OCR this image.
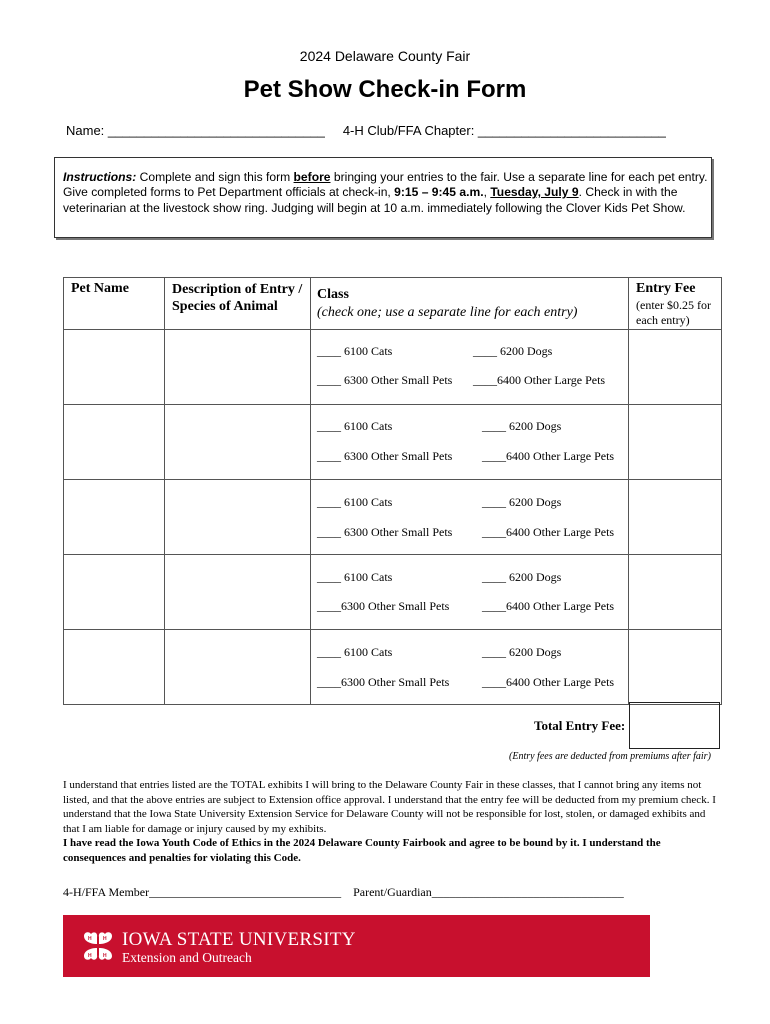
2024 Delaware County Fair
Pet Show Check-in Form
Name: ______________________________ 4-H Club/FFA Chapter: __________________________
Instructions: Complete and sign this form before bringing your entries to the fair. Use a separate line for each pet entry. Give completed forms to Pet Department officials at check-in, 9:15 – 9:45 a.m., Tuesday, July 9. Check in with the veterinarian at the livestock show ring. Judging will begin at 10 a.m. immediately following the Clover Kids Pet Show.
Pet Name	Description of Entry / Species of Animal	Class
(check one; use a separate line for each entry)	Entry Fee
(enter $0.25 for each entry)

		____ 6100 Cats ____ 6200 Dogs
____ 6300 Other Small Pets ____6400 Other Large Pets	

		____ 6100 Cats ____ 6200 Dogs
____ 6300 Other Small Pets ____6400 Other Large Pets	

		____ 6100 Cats ____ 6200 Dogs
____ 6300 Other Small Pets ____6400 Other Large Pets	

		____ 6100 Cats ____ 6200 Dogs
____6300 Other Small Pets ____6400 Other Large Pets	

		____ 6100 Cats ____ 6200 Dogs
____6300 Other Small Pets ____6400 Other Large Pets	

Total Entry Fee:
(Entry fees are deducted from premiums after fair)
I understand that entries listed are the TOTAL exhibits I will bring to the Delaware County Fair in these classes, that I cannot bring any items not listed, and that the above entries are subject to Extension office approval. I understand that the entry fee will be deducted from my premium check. I understand that the Iowa State University Extension Service for Delaware County will not be responsible for lost, stolen, or damaged exhibits and that I am liable for damage or injury caused by my exhibits.
I have read the Iowa Youth Code of Ethics in the 2024 Delaware County Fairbook and agree to be bound by it. I understand the consequences and penalties for violating this Code.
4-H/FFA Member________________________________ Parent/Guardian________________________________
H H
H H
IOWA STATE UNIVERSITY
Extension and Outreach
